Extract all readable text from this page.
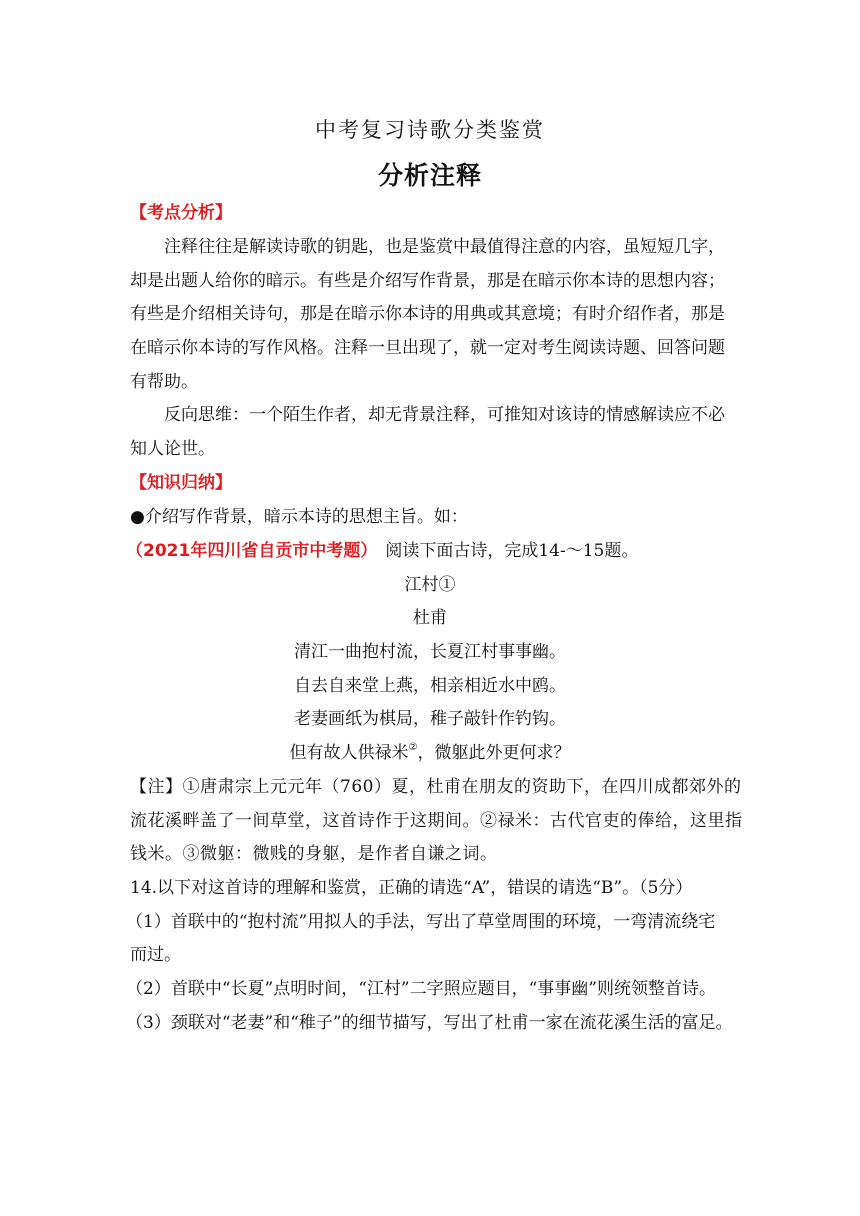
中考复习诗歌分类鉴赏
分析注释
【考点分析】
注释往往是解读诗歌的钥匙，也是鉴赏中最值得注意的内容，虽短短几字，
却是出题人给你的暗示。有些是介绍写作背景，那是在暗示你本诗的思想内容；
有些是介绍相关诗句，那是在暗示你本诗的用典或其意境；有时介绍作者，那是
在暗示你本诗的写作风格。注释一旦出现了，就一定对考生阅读诗题、回答问题
有帮助。
反向思维：一个陌生作者，却无背景注释，可推知对该诗的情感解读应不必
知人论世。
【知识归纳】
●介绍写作背景，暗示本诗的思想主旨。如：
（2021年四川省自贡市中考题） 阅读下面古诗，完成14-～15题。
江村①
杜甫
清江一曲抱村流，长夏江村事事幽。
自去自来堂上燕，相亲相近水中鸥。
老妻画纸为棋局，稚子敲针作钓钩。
但有故人供禄米②，微躯此外更何求？
【注】①唐肃宗上元元年（760）夏，杜甫在朋友的资助下，在四川成都郊外的
流花溪畔盖了一间草堂，这首诗作于这期间。②禄米：古代官吏的俸给，这里指
钱米。③微躯：微贱的身躯，是作者自谦之词。
14.以下对这首诗的理解和鉴赏，正确的请选“A”，错误的请选“B”。（5分）
（1）首联中的“抱村流”用拟人的手法，写出了草堂周围的环境，一弯清流绕宅
而过。
（2）首联中“长夏”点明时间，“江村”二字照应题目，“事事幽”则统领整首诗。
（3）颈联对“老妻”和“稚子”的细节描写，写出了杜甫一家在流花溪生活的富足。
